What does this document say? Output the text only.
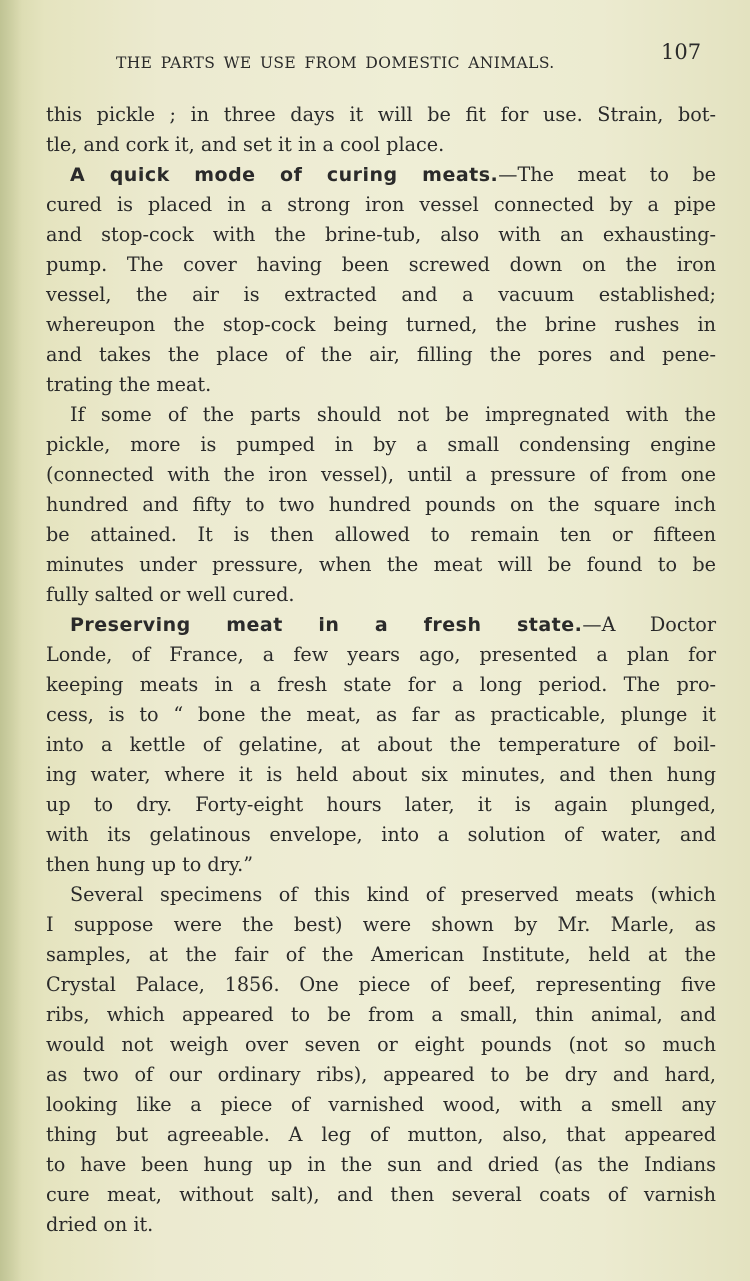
THE PARTS WE USE FROM DOMESTIC ANIMALS.	107
this pickle ; in three days it will be fit for use. Strain, bot-
tle, and cork it, and set it in a cool place.
A quick mode of curing meats.—The meat to be
cured is placed in a strong iron vessel connected by a pipe
and stop-cock with the brine-tub, also with an exhausting-
pump. The cover having been screwed down on the iron
vessel, the air is extracted and a vacuum established;
whereupon the stop-cock being turned, the brine rushes in
and takes the place of the air, filling the pores and pene-
trating the meat.
If some of the parts should not be impregnated with the
pickle, more is pumped in by a small condensing engine
(connected with the iron vessel), until a pressure of from one
hundred and fifty to two hundred pounds on the square inch
be attained. It is then allowed to remain ten or fifteen
minutes under pressure, when the meat will be found to be
fully salted or well cured.
Preserving meat in a fresh state.—A Doctor
Londe, of France, a few years ago, presented a plan for
keeping meats in a fresh state for a long period. The pro-
cess, is to “ bone the meat, as far as practicable, plunge it
into a kettle of gelatine, at about the temperature of boil-
ing water, where it is held about six minutes, and then hung
up to dry. Forty-eight hours later, it is again plunged,
with its gelatinous envelope, into a solution of water, and
then hung up to dry.”
Several specimens of this kind of preserved meats (which
I suppose were the best) were shown by Mr. Marle, as
samples, at the fair of the American Institute, held at the
Crystal Palace, 1856. One piece of beef, representing five
ribs, which appeared to be from a small, thin animal, and
would not weigh over seven or eight pounds (not so much
as two of our ordinary ribs), appeared to be dry and hard,
looking like a piece of varnished wood, with a smell any
thing but agreeable. A leg of mutton, also, that appeared
to have been hung up in the sun and dried (as the Indians
cure meat, without salt), and then several coats of varnish
dried on it.
